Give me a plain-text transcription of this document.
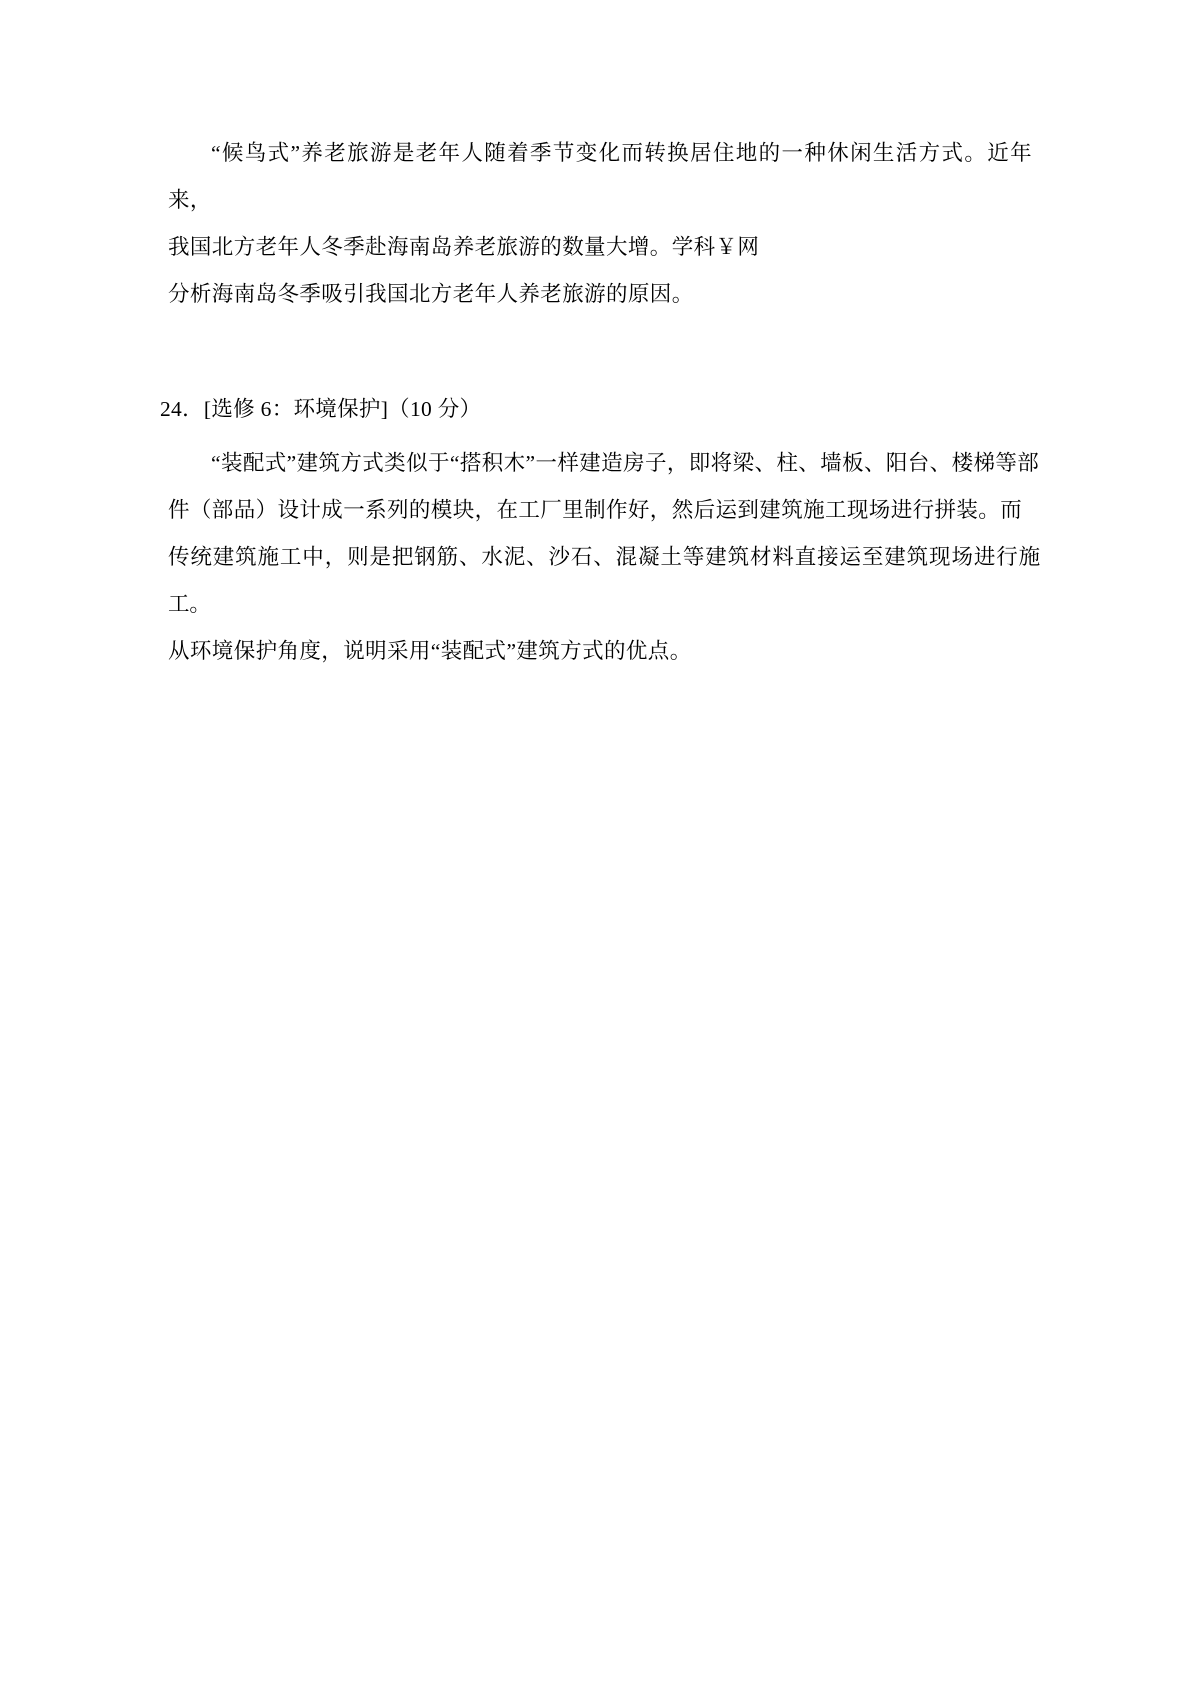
“候鸟式”养老旅游是老年人随着季节变化而转换居住地的一种休闲生活方式。近年来，

我国北方老年人冬季赴海南岛养老旅游的数量大增。学科￥网

分析海南岛冬季吸引我国北方老年人养老旅游的原因。

24．[选修 6：环境保护]（10 分）

“装配式”建筑方式类似于“搭积木”一样建造房子，即将梁、柱、墙板、阳台、楼梯等部

件（部品）设计成一系列的模块，在工厂里制作好，然后运到建筑施工现场进行拼装。而

传统建筑施工中，则是把钢筋、水泥、沙石、混凝土等建筑材料直接运至建筑现场进行施工。

从环境保护角度，说明采用“装配式”建筑方式的优点。
